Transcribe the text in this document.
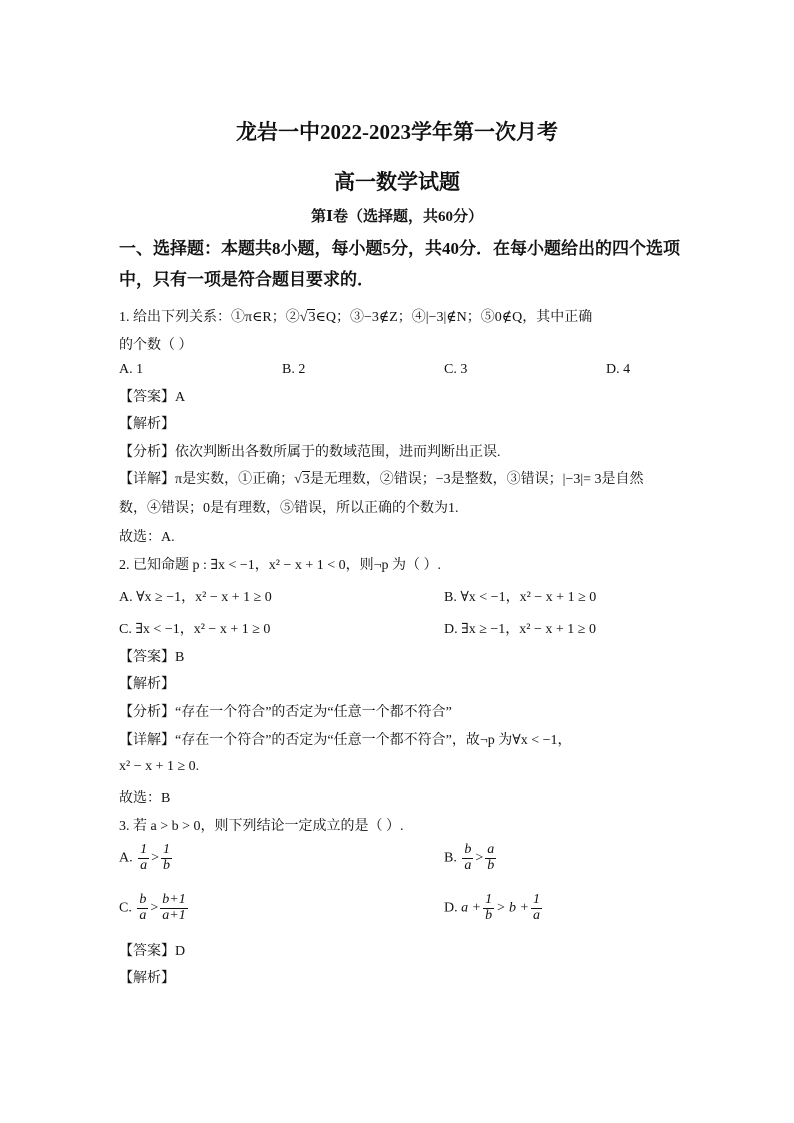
龙岩一中2022-2023学年第一次月考
高一数学试题
第Ⅰ卷（选择题，共60分）
一、选择题：本题共8小题，每小题5分，共40分．在每小题给出的四个选项
中，只有一项是符合题目要求的．
1. 给出下列关系：①π∈R；②√3∈Q；③−3∉Z；④|−3|∉N；⑤0∉Q，其中正确
的个数（ ）
A. 1	B. 2	C. 3	D. 4
【答案】A
【解析】
【分析】依次判断出各数所属于的数域范围，进而判断出正误.
【详解】π是实数，①正确；√3是无理数，②错误；−3是整数，③错误；|−3|= 3是自然
数，④错误；0是有理数，⑤错误，所以正确的个数为1.
故选：A.
2. 已知命题 p : ∃x < −1，x² − x + 1 < 0，则¬p 为（ ）.
A. ∀x ≥ −1，x² − x + 1 ≥ 0	B. ∀x < −1，x² − x + 1 ≥ 0
C. ∃x < −1，x² − x + 1 ≥ 0	D. ∃x ≥ −1，x² − x + 1 ≥ 0
【答案】B
【解析】
【分析】“存在一个符合”的否定为“任意一个都不符合”
【详解】“存在一个符合”的否定为“任意一个都不符合”，故¬p 为∀x < −1，
x² − x + 1 ≥ 0.
故选：B
3. 若 a > b > 0，则下列结论一定成立的是（ ）.
A. $\frac{1}{a} > \frac{1}{b}$	B. $\frac{b}{a} > \frac{a}{b}$
C. $\frac{b}{a} > \frac{b+1}{a+1}$	D. $a + \frac{1}{b} > b + \frac{1}{a}$
【答案】D
【解析】
